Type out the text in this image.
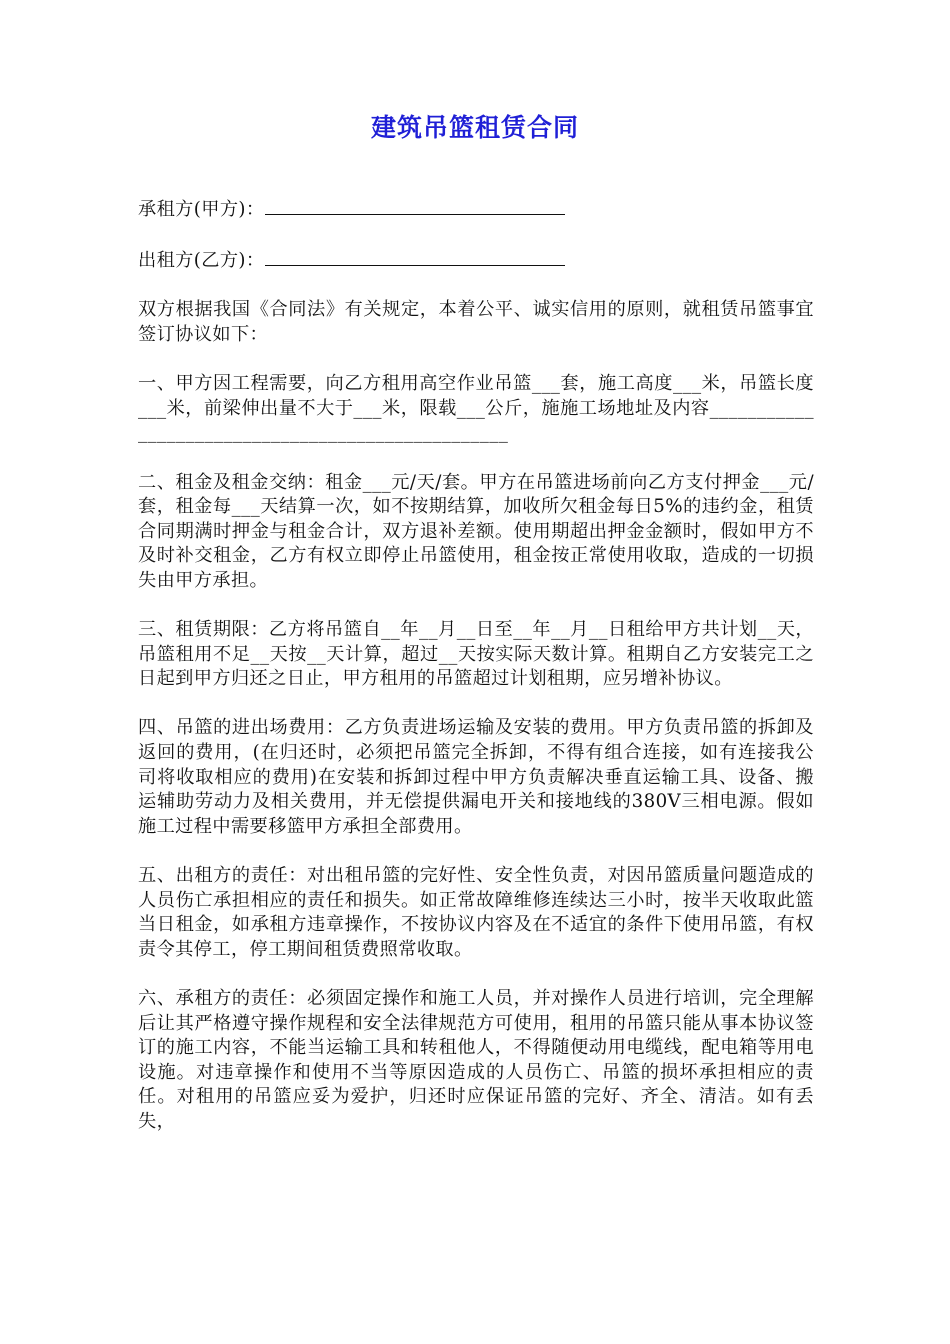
建筑吊篮租赁合同
承租方(甲方)：
出租方(乙方)：

双方根据我国《合同法》有关规定，本着公平、诚实信用的原则，就租赁吊篮事宜签订协议如下：

一、甲方因工程需要，向乙方租用高空作业吊篮___套，施工高度___米，吊篮长度___米，前梁伸出量不大于___米，限载___公斤，施施工场地址及内容__________________________________________________

二、租金及租金交纳：租金___元/天/套。甲方在吊篮进场前向乙方支付押金___元/套，租金每___天结算一次，如不按期结算，加收所欠租金每日5%的违约金，租赁合同期满时押金与租金合计，双方退补差额。使用期超出押金金额时，假如甲方不及时补交租金，乙方有权立即停止吊篮使用，租金按正常使用收取，造成的一切损失由甲方承担。

三、租赁期限：乙方将吊篮自__年__月__日至__年__月__日租给甲方共计划__天，吊篮租用不足__天按__天计算，超过__天按实际天数计算。租期自乙方安装完工之日起到甲方归还之日止，甲方租用的吊篮超过计划租期，应另增补协议。

四、吊篮的进出场费用：乙方负责进场运输及安装的费用。甲方负责吊篮的拆卸及返回的费用，(在归还时，必须把吊篮完全拆卸，不得有组合连接，如有连接我公司将收取相应的费用)在安装和拆卸过程中甲方负责解决垂直运输工具、设备、搬运辅助劳动力及相关费用，并无偿提供漏电开关和接地线的380V三相电源。假如施工过程中需要移篮甲方承担全部费用。

五、出租方的责任：对出租吊篮的完好性、安全性负责，对因吊篮质量问题造成的人员伤亡承担相应的责任和损失。如正常故障维修连续达三小时，按半天收取此篮当日租金，如承租方违章操作，不按协议内容及在不适宜的条件下使用吊篮，有权责令其停工，停工期间租赁费照常收取。

六、承租方的责任：必须固定操作和施工人员，并对操作人员进行培训，完全理解后让其严格遵守操作规程和安全法律规范方可使用，租用的吊篮只能从事本协议签订的施工内容，不能当运输工具和转租他人，不得随便动用电缆线，配电箱等用电设施。对违章操作和使用不当等原因造成的人员伤亡、吊篮的损坏承担相应的责任。对租用的吊篮应妥为爱护，归还时应保证吊篮的完好、齐全、清洁。如有丢失，
